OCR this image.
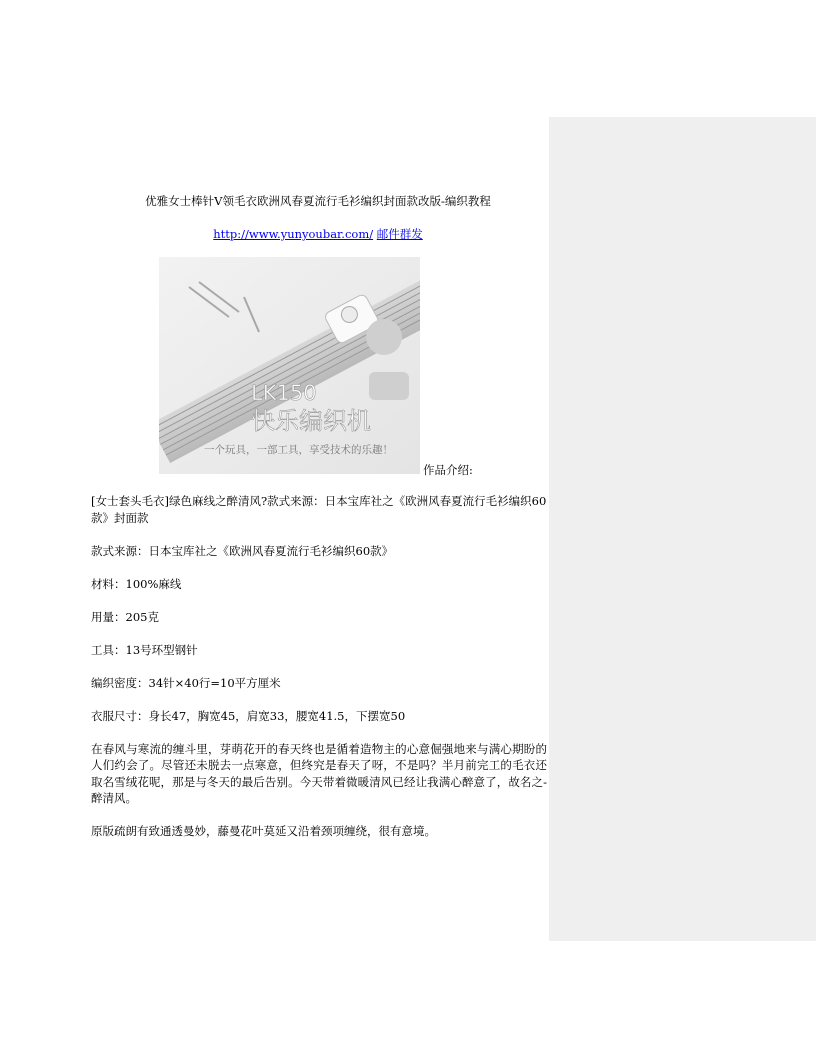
优雅女士棒针V领毛衣欧洲风春夏流行毛衫编织封面款改版-编织教程
http://www.yunyoubar.com/ 邮件群发
LK150
快乐编织机
一个玩具，一部工具，享受技术的乐趣！
作品介绍:

[女士套头毛衣]绿色麻线之醉清风?款式来源：日本宝库社之《欧洲风春夏流行毛衫编织60款》封面款

款式来源：日本宝库社之《欧洲风春夏流行毛衫编织60款》

材料：100%麻线

用量：205克

工具：13号环型钢针

编织密度：34针×40行=10平方厘米

衣服尺寸：身长47，胸宽45，肩宽33，腰宽41.5，下摆宽50

在春风与寒流的缠斗里，芽萌花开的春天终也是循着造物主的心意倔强地来与满心期盼的人们约会了。尽管还未脱去一点寒意，但终究是春天了呀，不是吗？半月前完工的毛衣还取名雪绒花呢，那是与冬天的最后告别。今天带着微暖清风已经让我满心醉意了，故名之-醉清风。

原版疏朗有致通透曼妙，藤曼花叶莫延又沿着颈项缠绕，很有意境。
